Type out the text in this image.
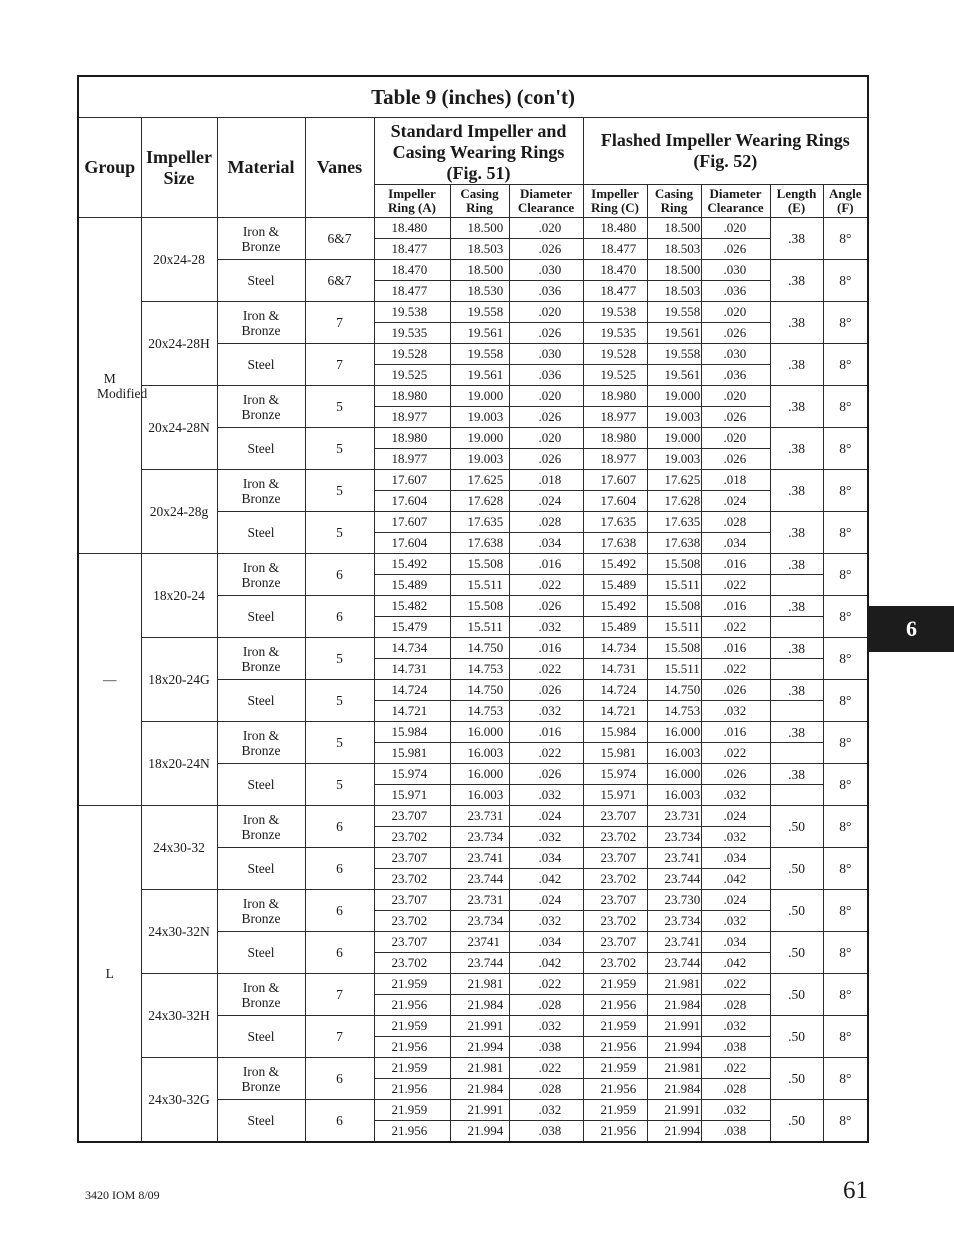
Table 9 (inches) (con't)											
Group	Impeller Size	Material	Vanes	Standard Impeller and Casing Wearing Rings (Fig. 51)			Flashed Impeller Wearing Rings (Fig. 52)				
				Impeller Ring (A)	Casing Ring	Diameter Clearance	Impeller Ring (C)	Casing Ring	Diameter Clearance	Length (E)	Angle (F)
M Modified	20x24-28	Iron & Bronze	6&7	18.480	18.500	.020	18.480	18.500	.020	.38	8°
				18.477	18.503	.026	18.477	18.503	.026		
		Steel	6&7	18.470	18.500	.030	18.470	18.500	.030	.38	8°
				18.477	18.530	.036	18.477	18.503	.036		
	20x24-28H	Iron & Bronze	7	19.538	19.558	.020	19.538	19.558	.020	.38	8°
				19.535	19.561	.026	19.535	19.561	.026		
		Steel	7	19.528	19.558	.030	19.528	19.558	.030	.38	8°
				19.525	19.561	.036	19.525	19.561	.036		
	20x24-28N	Iron & Bronze	5	18.980	19.000	.020	18.980	19.000	.020	.38	8°
				18.977	19.003	.026	18.977	19.003	.026		
		Steel	5	18.980	19.000	.020	18.980	19.000	.020	.38	8°
				18.977	19.003	.026	18.977	19.003	.026		
	20x24-28g	Iron & Bronze	5	17.607	17.625	.018	17.607	17.625	.018	.38	8°
				17.604	17.628	.024	17.604	17.628	.024		
		Steel	5	17.607	17.635	.028	17.635	17.635	.028	.38	8°
				17.604	17.638	.034	17.638	17.638	.034		
—	18x20-24	Iron & Bronze	6	15.492	15.508	.016	15.492	15.508	.016	.38	8°
				15.489	15.511	.022	15.489	15.511	.022		
		Steel	6	15.482	15.508	.026	15.492	15.508	.016	.38	8°
				15.479	15.511	.032	15.489	15.511	.022		
	18x20-24G	Iron & Bronze	5	14.734	14.750	.016	14.734	15.508	.016	.38	8°
				14.731	14.753	.022	14.731	15.511	.022		
		Steel	5	14.724	14.750	.026	14.724	14.750	.026	.38	8°
				14.721	14.753	.032	14.721	14.753	.032		
	18x20-24N	Iron & Bronze	5	15.984	16.000	.016	15.984	16.000	.016	.38	8°
				15.981	16.003	.022	15.981	16.003	.022		
		Steel	5	15.974	16.000	.026	15.974	16.000	.026	.38	8°
				15.971	16.003	.032	15.971	16.003	.032		
L	24x30-32	Iron & Bronze	6	23.707	23.731	.024	23.707	23.731	.024	.50	8°
				23.702	23.734	.032	23.702	23.734	.032		
		Steel	6	23.707	23.741	.034	23.707	23.741	.034	.50	8°
				23.702	23.744	.042	23.702	23.744	.042		
	24x30-32N	Iron & Bronze	6	23.707	23.731	.024	23.707	23.730	.024	.50	8°
				23.702	23.734	.032	23.702	23.734	.032		
		Steel	6	23.707	23741	.034	23.707	23.741	.034	.50	8°
				23.702	23.744	.042	23.702	23.744	.042		
	24x30-32H	Iron & Bronze	7	21.959	21.981	.022	21.959	21.981	.022	.50	8°
				21.956	21.984	.028	21.956	21.984	.028		
		Steel	7	21.959	21.991	.032	21.959	21.991	.032	.50	8°
				21.956	21.994	.038	21.956	21.994	.038		
	24x30-32G	Iron & Bronze	6	21.959	21.981	.022	21.959	21.981	.022	.50	8°
				21.956	21.984	.028	21.956	21.984	.028		
		Steel	6	21.959	21.991	.032	21.959	21.991	.032	.50	8°
				21.956	21.994	.038	21.956	21.994	.038		
6
3420 IOM 8/09	61
